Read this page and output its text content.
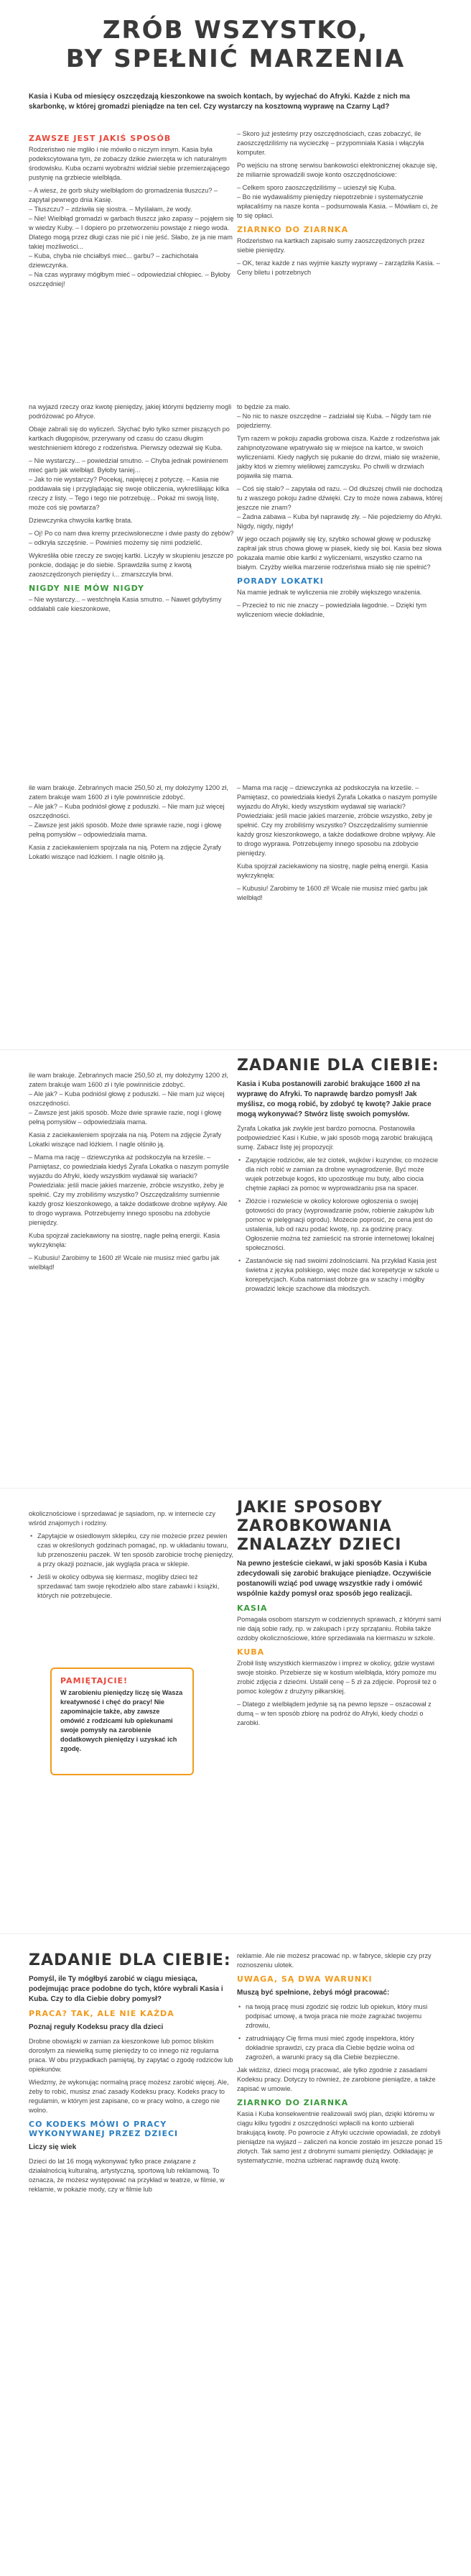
ZRÓB WSZYSTKO,
BY SPEŁNIĆ MARZENIA
Kasia i Kuba od miesięcy oszczędzają kieszonkowe na swoich kontach, by wyjechać do Afryki. Każde z nich ma skarbonkę, w której gromadzi pieniądze na ten cel. Czy wystarczy na kosztowną wyprawę na Czarny Ląd?
ZAWSZE JEST JAKIŚ SPOSÓB
Rodzeństwo nie mgliło i nie mówiło o niczym innym. Kasia była podekscytowana tym, że zobaczy dzikie zwierzęta w ich naturalnym środowisku. Kuba oczami wyobraźni widział siebie przemierzającego pustynię na grzbiecie wielbłąda.
– A wiesz, że gorb służy wielbłądom do gromadzenia tłuszczu? – zapytał pewnego dnia Kasię.
– Tłuszczu? – zdziwiła się siostra. – Myślałam, że wody.
– Nie! Wielbłąd gromadzi w garbach tłuszcz jako zapasy – pojąłem się w wiedzy Kuby. – I dopiero po przetworzeniu powstaje z niego woda. Dlatego mogą przez długi czas nie pić i nie jeść. Słabo, że ja nie mam takiej możliwości...
– Kuba, chyba nie chciałbyś mieć... garbu? – zachichotała dziewczynka.
– Na czas wyprawy mógłbym mieć – odpowiedział chłopiec. – Byłoby oszczędniej!
– Skoro już jesteśmy przy oszczędnościach, czas zobaczyć, ile zaoszczędziliśmy na wycieczkę – przypomniała Kasia i włączyła komputer.
Po wejściu na stronę serwisu bankowości elektronicznej okazuje się, że miliarnie sprowadzili swoje konto oszczędnościowe:
– Celkem sporo zaoszczędziliśmy – ucieszył się Kuba.
– Bo nie wydawaliśmy pieniędzy niepotrzebnie i systematycznie wpłacaliśmy na nasze konta – podsumowała Kasia. – Mówiłam ci, że to się opłaci.
ZIARNKO DO ZIARNKA
Rodzeństwo na kartkach zapisało sumy zaoszczędzonych przez siebie pieniędzy.
– OK, teraz każde z nas wyjmie kaszty wyprawy – zarządziła Kasia. – Ceny biletu i potrzebnych
na wyjazd rzeczy oraz kwotę pieniędzy, jakiej którymi będziemy mogli podróżować po Afryce.
Obaje zabrali się do wyliczeń. Słychać było tylko szmer piszących po kartkach długopisów, przerywany od czasu do czasu długim westchnieniem którego z rodzeństwa. Pierwszy odezwał się Kuba.
– Nie wystarczy... – powiedział smutno. – Chyba jednak powinienem mieć garb jak wielbłąd. Byłoby taniej...
– Jak to nie wystarczy? Pocekaj, najwięcej z potyczę. – Kasia nie poddawała się i przyglądając się swoje obliczenia, wykreśliłając kilka rzeczy z listy. – Tego i tego nie potrzebuję... Pokaż mi swoją listę, może coś się powtarza?
Dziewczynka chwyciła kartkę brata.
– Oj! Po co nam dwa kremy przeciwsłoneczne i dwie pasty do zębów? – odkryła szczęśnie. – Powinieś możemy się nimi podzielić.
Wykreśliła obie rzeczy ze swojej kartki. Liczyły w skupieniu jeszcze po ponkcie, dodając je do siebie. Sprawdziła sumę z kwotą zaoszczędzonych pieniędzy i... zmarszczyła brwi.
NIGDY NIE MÓW NIGDY
– Nie wystarczy... – westchnęła Kasia smutno. – Nawet gdybyśmy oddałabli cale kieszonkowe,
to będzie za mało.
– No nic to nasze oszczędne – zadziałał się Kuba. – Nigdy tam nie pojedziemy.
Tym razem w pokoju zapadła grobowa cisza. Każde z rodzeństwa jak zahipnotyzowane wpatrywało się w miejsce na kartce, w swoich wyliczeniami. Kiedy nagłych się pukanie do drzwi, miało się wrażenie, jakby ktoś w ziemny wieliłowej zamczysku. Po chwili w drzwiach pojawiła się mama.
– Coś się stało? – zapytała od razu. – Od dłuższej chwili nie dochodzą tu z waszego pokoju żadne dźwięki. Czy to może nowa zabawa, której jeszcze nie znam?
– Żadna zabawa – Kuba był naprawdę zły. – Nie pojedziemy do Afryki. Nigdy, nigdy, nigdy!
W jego oczach pojawiły się łzy, szybko schował głowę w poduszkę zapłrał jak strus chowa głowę w piasek, kiedy się boi. Kasia bez słowa pokazała mamie obie kartki z wyliczeniami, wszystko czarno na białym. Czyżby wielka marzenie rodzeństwa miało się nie spełnić?
PORADY LOKATKI
Na mamie jednak te wyliczenia nie zrobiły większego wrażenia.
– Przecież to nic nie znaczy – powiedziała łagodnie. – Dzięki tym wyliczeniom wiecie dokładnie,
ile wam brakuje. Zebrańnych macie 250,50 zł, my dołożymy 1200 zł, zatem brakuje wam 1600 zł i tyle powinniście zdobyć.
– Ale jak? – Kuba podniósł głowę z poduszki. – Nie mam już więcej oszczędności.
– Zawsze jest jakiś sposób. Może dwie sprawie razie, nogi i głowę pełną pomysłów – odpowiedziała mama.
Kasia z zaciekawieniem spojrzała na nią. Potem na zdjęcie Żyrafy Lokatki wiszące nad łóżkiem. I nagle olśniło ją.
– Mama ma rację – dziewczynka aż podskoczyła na krześle. – Pamiętasz, co powiedziała kiedyś Żyrafa Lokatka o naszym pomyśle wyjazdu do Afryki, kiedy wszystkim wydawał się wariacki? Powiedziała: jeśli macie jakieś marzenie, zróbcie wszystko, żeby je spełnić. Czy my zrobiliśmy wszystko? Oszczędzaliśmy sumiennie każdy grosz kieszonkowego, a także dodatkowe drobne wpływy. Ale to drogo wyprawa. Potrzebujemy innego sposobu na zdobycie pieniędzy.
Kuba spojrzał zaciekawiony na siostrę, nagle pełną energii. Kasia wykrzyknęła:
– Kubusiu! Zarobimy te 1600 zł! Wcale nie musisz mieć garbu jak wielbłąd!
ile wam brakuje. Zebrańnych macie 250,50 zł, my dołożymy 1200 zł, zatem brakuje wam 1600 zł i tyle powinniście zdobyć.
– Ale jak? – Kuba podniósł głowę z poduszki. – Nie mam już więcej oszczędności.
– Zawsze jest jakiś sposób. Może dwie sprawie razie, nogi i głowę pełną pomysłów – odpowiedziała mama.
Kasia z zaciekawieniem spojrzała na nią. Potem na zdjęcie Żyrafy Lokatki wiszące nad łóżkiem. I nagle olśniło ją.
– Mama ma rację – dziewczynka aż podskoczyła na krześle. – Pamiętasz, co powiedziała kiedyś Żyrafa Lokatka o naszym pomyśle wyjazdu do Afryki, kiedy wszystkim wydawał się wariacki? Powiedziała: jeśli macie jakieś marzenie, zróbcie wszystko, żeby je spełnić. Czy my zrobiliśmy wszystko? Oszczędzaliśmy sumiennie każdy grosz kieszonkowego, a także dodatkowe drobne wpływy. Ale to drogo wyprawa. Potrzebujemy innego sposobu na zdobycie pieniędzy.
Kuba spojrzał zaciekawiony na siostrę, nagle pełną energii. Kasia wykrzyknęła:
– Kubusiu! Zarobimy te 1600 zł! Wcale nie musisz mieć garbu jak wielbłąd!
ZADANIE DLA CIEBIE:
Kasia i Kuba postanowili zarobić brakujące 1600 zł na wyprawę do Afryki. To naprawdę bardzo pomysł! Jak myślisz, co mogą robić, by zdobyć tę kwotę? Jakie prace mogą wykonywać? Stwórz listę swoich pomysłów.
Żyrafa Lokatka jak zwykle jest bardzo pomocna. Postanowiła podpowiedzieć Kasi i Kubie, w jaki sposób mogą zarobić brakującą sumę. Zabacz listę jej propozycji:
• Zapytajcie rodziców, ale też ciotek, wujków i kuzynów, co możecie dla nich robić w zamian za drobne wynagrodzenie. Być może wujek potrzebuje kogoś, kto upozostkuje mu buty, albo ciocia chętnie zapłaci za pomoc w wyprowadzaniu psa na spacer.
• Złóżcie i rozwieście w okolicy kolorowe ogłoszenia o swojej gotowości do pracy (wyprowadzanie psów, robienie zakupów lub pomoc w pielęgnacji ogrodu). Możecie poprosić, że cena jest do ustalenia, lub od razu podać kwotę, np. za godzinę pracy. Ogłoszenie można też zamieścić na stronie internetowej lokalnej społeczności.
• Zastanówcie się nad swoimi zdolnościami. Na przykład Kasia jest świetna z języka polskiego, więc może dać korepetycje w szkole u korepetycjach. Kuba natomiast dobrze gra w szachy i mógłby prowadzić lekcje szachowe dla młodszych.
okolicznościowe i sprzedawać je sąsiadom, np. w internecie czy wśród znajomych i rodziny.
• Zapytajcie w osiedlowym sklepiku, czy nie możecie przez pewien czas w określonych godzinach pomagać, np. w układaniu towaru, lub przenoszeniu paczek. W ten sposób zarobicie trochę pieniędzy, a przy okazji poznacie, jak wygląda praca w sklepie.
• Jeśli w okolicy odbywa się kiermasz, mogliby dzieci też sprzedawać tam swoje rękodzieło albo stare zabawki i książki, których nie potrzebujecie.
PAMIĘTAJCIE!
W zarobieniu pieniędzy liczę się Wasza kreatywność i chęć do pracy! Nie zapominajcie także, aby zawsze omówić z rodzicami lub opiekunami swoje pomysły na zarobienie dodatkowych pieniędzy i uzyskać ich zgodę.
JAKIE SPOSOBY ZAROBKOWANIA ZNALAZŁY DZIECI
Na pewno jesteście ciekawi, w jaki sposób Kasia i Kuba zdecydowali się zarobić brakujące pieniądze. Oczywiście postanowili wziąć pod uwagę wszystkie rady i omówić wspólnie każdy pomysł oraz sposób jego realizacji.
KASIA
Pomagała osobom starszym w codziennych sprawach, z którymi sami nie dają sobie rady, np. w zakupach i przy sprzątaniu. Robiła także ozdoby okolicznościowe, które sprzedawała na kiermaszu w szkole.
KUBA
Zrobił listę wszystkich kiermaszów i imprez w okolicy, gdzie wystawi swoje stoisko. Przebierze się w kostium wielbłąda, który pomoże mu zrobić zdjęcia z dziećmi. Ustalił cenę – 5 zł za zdjęcie. Poprosił też o pomoc kolegów z drużyny piłkarskiej.
– Dlatego z wielbłądem jedynie są na pewno lepsze – oszacował z dumą – w ten sposób zbiorę na podróż do Afryki, kiedy chodzi o zarobki.
ZADANIE DLA CIEBIE:
Pomyśl, ile Ty mógłbyś zarobić w ciągu miesiąca, podejmując prace podobne do tych, które wybrali Kasia i Kuba. Czy to dla Ciebie dobry pomysł?
PRACA? TAK, ALE NIE KAŻDA
Poznaj reguły Kodeksu pracy dla dzieci
Drobne obowiązki w zamian za kieszonkowe lub pomoc bliskim dorosłym za niewielką sumę pieniędzy to co innego niż regularna praca. W obu przypadkach pamiętaj, by zapytać o zgodę rodziców lub opiekunów.
Wiedzmy, że wykonując normalną pracę możesz zarobić więcej. Ale, żeby to robić, musisz znać zasady Kodeksu pracy. Kodeks pracy to regulamin, w którym jest zapisane, co w pracy wolno, a czego nie wolno.
CO KODEKS MÓWI O PRACY WYKONYWANEJ PRZEZ DZIECI
Liczy się wiek
Dzieci do lat 16 mogą wykonywać tylko prace związane z działalnością kulturalną, artystyczną, sportową lub reklamową. To oznacza, że możesz występować na przykład w teatrze, w filmie, w reklamie, w pokazie mody, czy w filmie lub
reklamie. Ale nie możesz pracować np. w fabryce, sklepie czy przy roznoszeniu ulotek.
UWAGA, SĄ DWA WARUNKI
Muszą być spełnione, żebyś mógł pracować:
• na twoją pracę musi zgodzić się rodzic lub opiekun, który musi podpisać umowę, a twoja praca nie może zagrażać twojemu zdrowiu,
• zatrudniający Cię firma musi mieć zgodę inspektora, który dokładnie sprawdzi, czy praca dla Ciebie będzie wolna od zagrożeń, a warunki pracy są dla Ciebie bezpieczne.
Jak widzisz, dzieci mogą pracować, ale tylko zgodnie z zasadami Kodeksu pracy. Dotyczy to również, że zarobione pieniądze, a także zapisać w umowie.
ZIARNKO DO ZIARNKA
Kasia i Kuba konsekwentnie realizowali swój plan, dzięki któremu w ciągu kilku tygodni z oszczędności wpłacili na konto uzbierali brakującą kwotę. Po powrocie z Afryki uczciwie opowiadali, że zdobyli pieniądze na wyjazd – zaliczeń na koncie zostało im jeszcze ponad 15 złotych. Tak samo jest z drobnymi sumami pieniędzy. Odkładając je systematycznie, można uzbierać naprawdę dużą kwotę.
